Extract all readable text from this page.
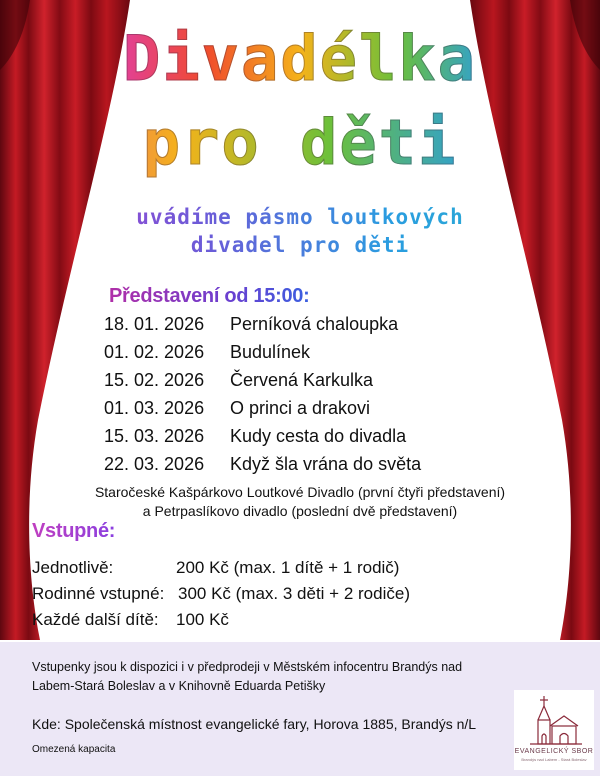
Divadélka
pro děti
uvádíme pásmo loutkových
divadel pro děti
Představení od 15:00:
18. 01. 2026 Perníková chaloupka
01. 02. 2026 Budulínek
15. 02. 2026 Červená Karkulka
01. 03. 2026 O princi a drakovi
15. 03. 2026 Kudy cesta do divadla
22. 03. 2026 Když šla vrána do světa
Staročeské Kašpárkovo Loutkové Divadlo (první čtyři představení)
a Petrpaslíkovo divadlo (poslední dvě představení)
Vstupné:
Jednotlivě:	200 Kč (max. 1 dítě + 1 rodič)
Rodinné vstupné: 300 Kč (max. 3 děti + 2 rodiče)
Každé další dítě: 100 Kč
Vstupenky jsou k dispozici i v předprodeji v Městském infocentru Brandýs nad Labem-Stará Boleslav a v Knihovně Eduarda Petišky
Kde: Společenská místnost evangelické fary, Horova 1885, Brandýs n/L
Omezená kapacita	EVANGELICKÝ SBOR
Brandýs nad Labem - Stará Boleslav
